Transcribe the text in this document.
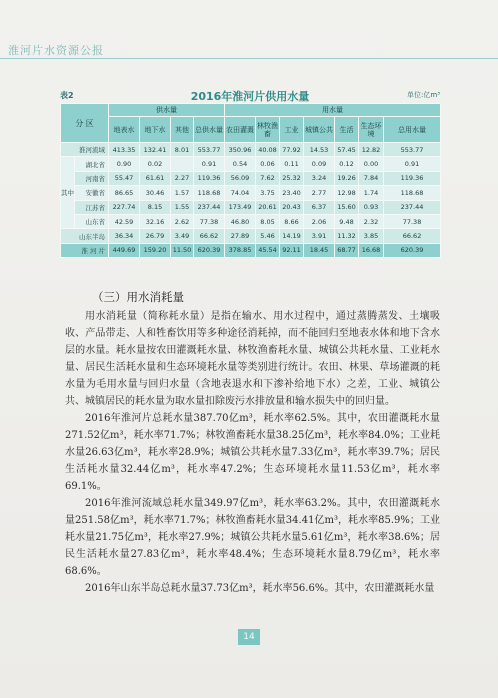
淮河片水资源公报
表2	2016年淮河片供用水量	单位:亿m³
分 区		供水量				用水量						
		地表水	地下水	其他	总供水量	农田灌溉	林牧渔畜	工业	城镇公共	生活	生态环境	总用水量
淮河流域		413.35	132.41	8.01	553.77	350.96	40.08	77.92	14.53	57.45	12.82	553.77
其中	湖北省	0.90	0.02		0.91	0.54	0.06	0.11	0.09	0.12	0.00	0.91
	河南省	55.47	61.61	2.27	119.36	56.09	7.62	25.32	3.24	19.26	7.84	119.36
	安徽省	86.65	30.46	1.57	118.68	74.04	3.75	23.40	2.77	12.98	1.74	118.68
	江苏省	227.74	8.15	1.55	237.44	173.49	20.61	20.43	6.37	15.60	0.93	237.44
	山东省	42.59	32.16	2.62	77.38	46.80	8.05	8.66	2.06	9.48	2.32	77.38
山东半岛		36.34	26.79	3.49	66.62	27.89	5.46	14.19	3.91	11.32	3.85	66.62
淮 河 片		449.69	159.20	11.50	620.39	378.85	45.54	92.11	18.45	68.77	16.68	620.39
（三）用水消耗量

用水消耗量（简称耗水量）是指在输水、用水过程中，通过蒸腾蒸发、土壤吸收、产品带走、人和牲畜饮用等多种途径消耗掉，而不能回归至地表水体和地下含水层的水量。耗水量按农田灌溉耗水量、林牧渔畜耗水量、城镇公共耗水量、工业耗水量、居民生活耗水量和生态环境耗水量等类别进行统计。农田、林果、草场灌溉的耗水量为毛用水量与回归水量（含地表退水和下渗补给地下水）之差，工业、城镇公共、城镇居民的耗水量为取水量扣除废污水排放量和输水损失中的回归量。

2016年淮河片总耗水量387.70亿m³，耗水率62.5%。其中，农田灌溉耗水量271.52亿m³，耗水率71.7%；林牧渔畜耗水量38.25亿m³，耗水率84.0%；工业耗水量26.63亿m³，耗水率28.9%；城镇公共耗水量7.33亿m³，耗水率39.7%；居民生活耗水量32.44亿m³，耗水率47.2%；生态环境耗水量11.53亿m³，耗水率69.1%。

2016年淮河流域总耗水量349.97亿m³，耗水率63.2%。其中，农田灌溉耗水量251.58亿m³，耗水率71.7%；林牧渔畜耗水量34.41亿m³，耗水率85.9%；工业耗水量21.75亿m³，耗水率27.9%；城镇公共耗水量5.61亿m³，耗水率38.6%；居民生活耗水量27.83亿m³，耗水率48.4%；生态环境耗水量8.79亿m³，耗水率68.6%。

2016年山东半岛总耗水量37.73亿m³，耗水率56.6%。其中，农田灌溉耗水量

14
